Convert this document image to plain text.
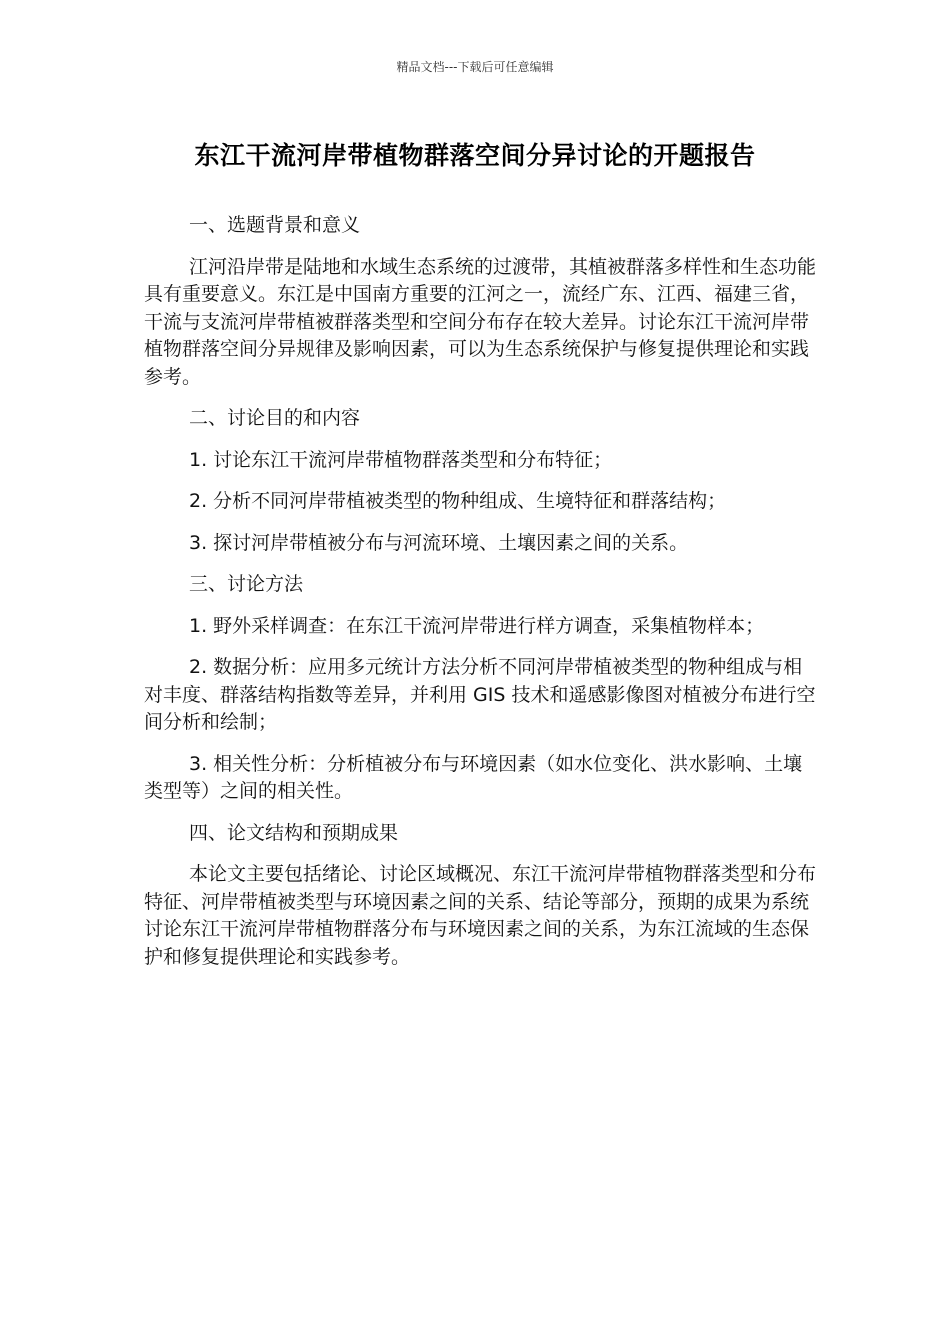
精品文档---下载后可任意编辑
东江干流河岸带植物群落空间分异讨论的开题报告

一、选题背景和意义

江河沿岸带是陆地和水域生态系统的过渡带，其植被群落多样性和生态功能具有重要意义。东江是中国南方重要的江河之一，流经广东、江西、福建三省，干流与支流河岸带植被群落类型和空间分布存在较大差异。讨论东江干流河岸带植物群落空间分异规律及影响因素，可以为生态系统保护与修复提供理论和实践参考。

二、讨论目的和内容

1. 讨论东江干流河岸带植物群落类型和分布特征；

2. 分析不同河岸带植被类型的物种组成、生境特征和群落结构；

3. 探讨河岸带植被分布与河流环境、土壤因素之间的关系。

三、讨论方法

1. 野外采样调查：在东江干流河岸带进行样方调查，采集植物样本；

2. 数据分析：应用多元统计方法分析不同河岸带植被类型的物种组成与相对丰度、群落结构指数等差异，并利用 GIS 技术和遥感影像图对植被分布进行空间分析和绘制；

3. 相关性分析：分析植被分布与环境因素（如水位变化、洪水影响、土壤类型等）之间的相关性。

四、论文结构和预期成果

本论文主要包括绪论、讨论区域概况、东江干流河岸带植物群落类型和分布特征、河岸带植被类型与环境因素之间的关系、结论等部分，预期的成果为系统讨论东江干流河岸带植物群落分布与环境因素之间的关系，为东江流域的生态保护和修复提供理论和实践参考。
